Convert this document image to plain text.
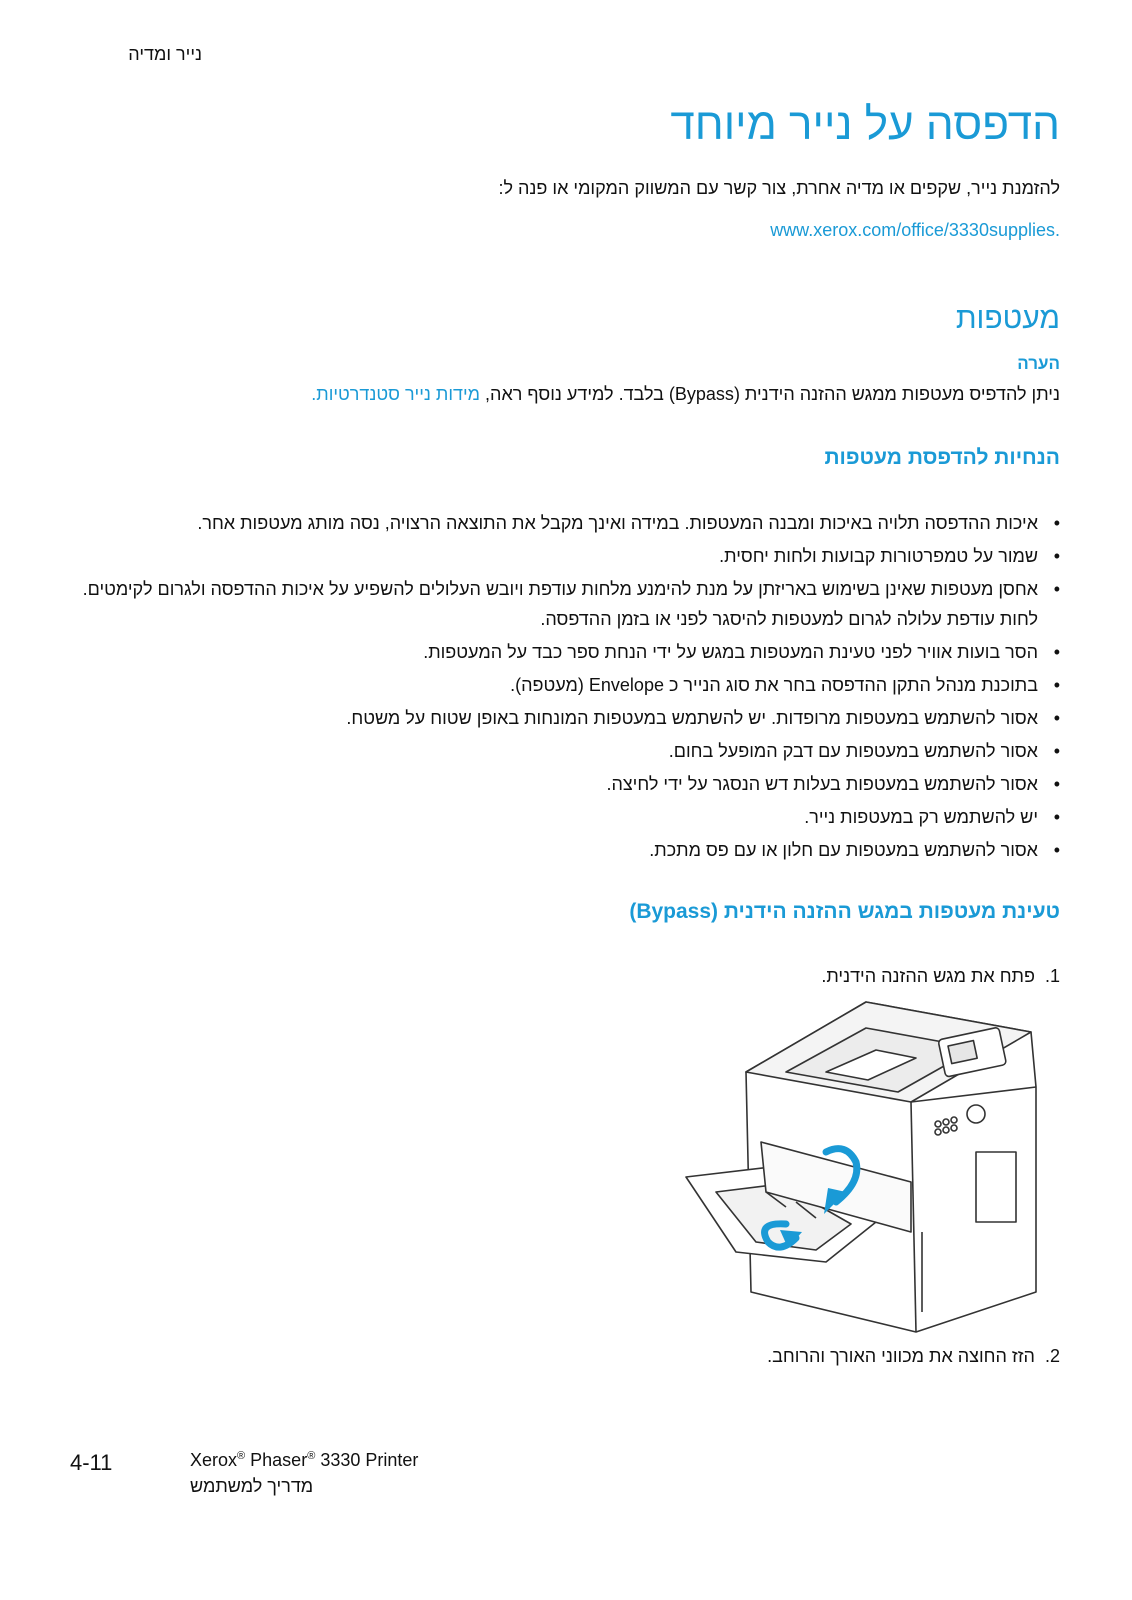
נייר ומדיה
הדפסה על נייר מיוחד
להזמנת נייר, שקפים או מדיה אחרת, צור קשר עם המשווק המקומי או פנה ל:
www.xerox.com/office/3330supplies.
מעטפות
הערה
ניתן להדפיס מעטפות ממגש ההזנה הידנית (Bypass) בלבד. למידע נוסף ראה, מידות נייר סטנדרטיות.
הנחיות להדפסת מעטפות
• איכות ההדפסה תלויה באיכות ומבנה המעטפות. במידה ואינך מקבל את התוצאה הרצויה, נסה מותג מעטפות אחר.
• שמור על טמפרטורות קבועות ולחות יחסית.
• אחסן מעטפות שאינן בשימוש באריזתן על מנת להימנע מלחות עודפת ויובש העלולים להשפיע על איכות ההדפסה ולגרום לקימטים. לחות עודפת עלולה לגרום למעטפות להיסגר לפני או בזמן ההדפסה.
• הסר בועות אוויר לפני טעינת המעטפות במגש על ידי הנחת ספר כבד על המעטפות.
• בתוכנת מנהל התקן ההדפסה בחר את סוג הנייר כ Envelope (מעטפה).
• אסור להשתמש במעטפות מרופדות. יש להשתמש במעטפות המונחות באופן שטוח על משטח.
• אסור להשתמש במעטפות עם דבק המופעל בחום.
• אסור להשתמש במעטפות בעלות דש הנסגר על ידי לחיצה.
• יש להשתמש רק במעטפות נייר.
• אסור להשתמש במעטפות עם חלון או עם פס מתכת.
טעינת מעטפות במגש ההזנה הידנית (Bypass)
1.פתח את מגש ההזנה הידנית.
2.הזז החוצה את מכווני האורך והרוחב.
4-11	Xerox® Phaser® 3330 Printer
מדריך למשתמש
